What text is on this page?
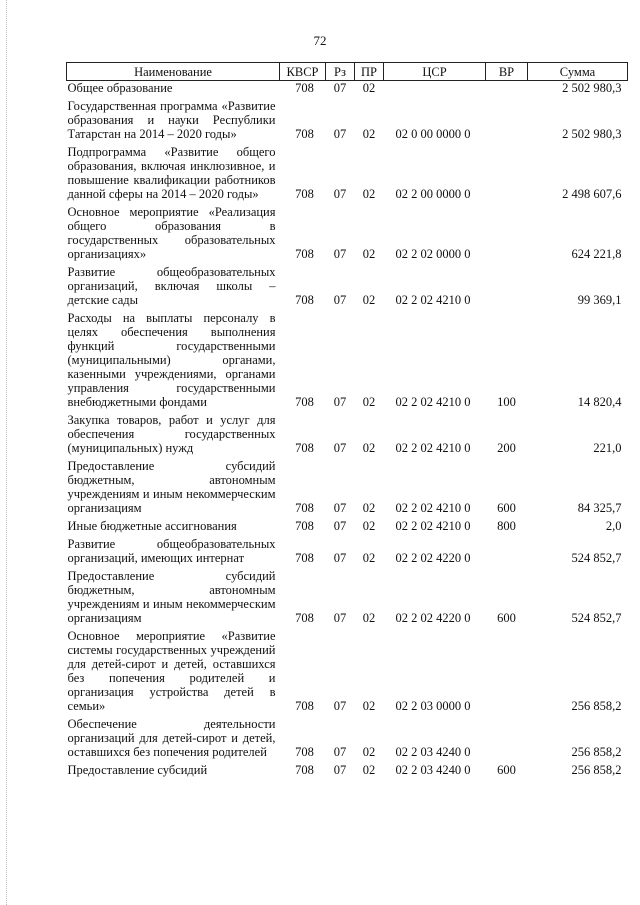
72
Наименование	КВСР	Рз	ПР	ЦСР	ВР	Сумма
Общее образование	708	07	02			2 502 980,3
Государственная программа «Развитие образования и науки Республики Татарстан на 2014 – 2020 годы»	708	07	02	02 0 00 0000 0		2 502 980,3
Подпрограмма «Развитие общего образования, включая инклюзивное, и повышение квалификации работников данной сферы на 2014 – 2020 годы»	708	07	02	02 2 00 0000 0		2 498 607,6
Основное мероприятие «Реализация общего образования в государственных образовательных организациях»	708	07	02	02 2 02 0000 0		624 221,8
Развитие общеобразовательных организаций, включая школы – детские сады	708	07	02	02 2 02 4210 0		99 369,1
Расходы на выплаты персоналу в целях обеспечения выполнения функций государственными (муниципальными) органами, казенными учреждениями, органами управления государственными внебюджетными фондами	708	07	02	02 2 02 4210 0	100	14 820,4
Закупка товаров, работ и услуг для обеспечения государственных (муниципальных) нужд	708	07	02	02 2 02 4210 0	200	221,0
Предоставление субсидий бюджетным, автономным учреждениям и иным некоммерческим организациям	708	07	02	02 2 02 4210 0	600	84 325,7
Иные бюджетные ассигнования	708	07	02	02 2 02 4210 0	800	2,0
Развитие общеобразовательных организаций, имеющих интернат	708	07	02	02 2 02 4220 0		524 852,7
Предоставление субсидий бюджетным, автономным учреждениям и иным некоммерческим организациям	708	07	02	02 2 02 4220 0	600	524 852,7
Основное мероприятие «Развитие системы государственных учреждений для детей-сирот и детей, оставшихся без попечения родителей и организация устройства детей в семьи»	708	07	02	02 2 03 0000 0		256 858,2
Обеспечение деятельности организаций для детей-сирот и детей, оставшихся без попечения родителей	708	07	02	02 2 03 4240 0		256 858,2
Предоставление субсидий	708	07	02	02 2 03 4240 0	600	256 858,2
